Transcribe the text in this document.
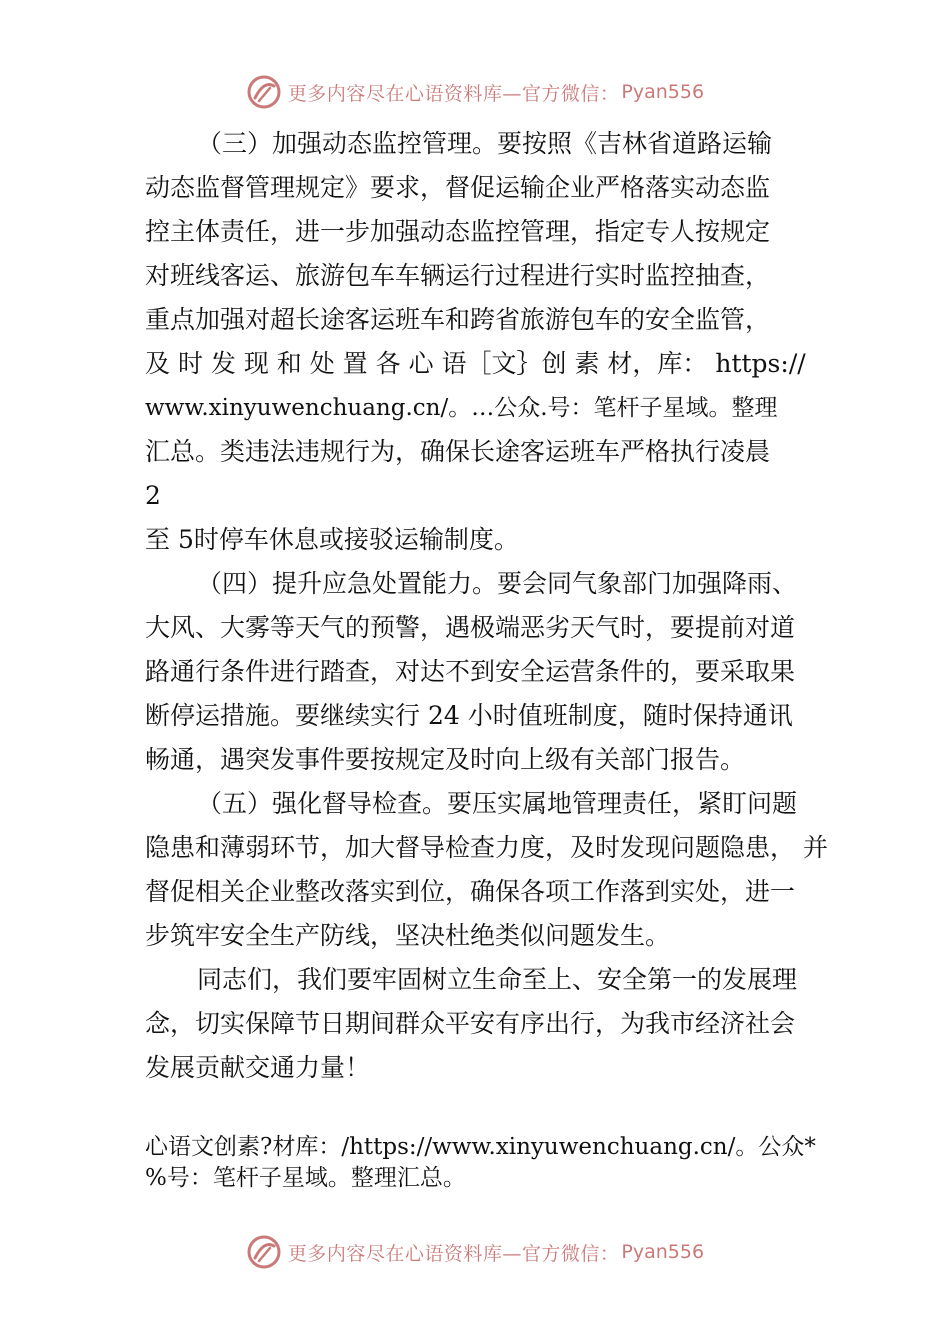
更多内容尽在心语资料库—官方微信： Pyan556

（三）加强动态监控管理。要按照《吉林省道路运输
动态监督管理规定》要求，督促运输企业严格落实动态监
控主体责任，进一步加强动态监控管理，指定专人按规定
对班线客运、旅游包车车辆运行过程进行实时监控抽查，
重点加强对超长途客运班车和跨省旅游包车的安全监管，
及 时 发 现 和 处 置 各 心 语［文｝创 素 材，库： https://
www.xinyuwenchuang.cn/。…公众.号：笔杆子星域。整理
汇总。类违法违规行为，确保长途客运班车严格执行凌晨
2
至 5时停车休息或接驳运输制度。

（四）提升应急处置能力。要会同气象部门加强降雨、
大风、大雾等天气的预警，遇极端恶劣天气时，要提前对道
路通行条件进行踏查，对达不到安全运营条件的，要采取果
断停运措施。要继续实行 24 小时值班制度，随时保持通讯
畅通，遇突发事件要按规定及时向上级有关部门报告。

（五）强化督导检查。要压实属地管理责任，紧盯问题
隐患和薄弱环节，加大督导检查力度，及时发现问题隐患， 并
督促相关企业整改落实到位，确保各项工作落到实处，进一
步筑牢安全生产防线，坚决杜绝类似问题发生。

同志们，我们要牢固树立生命至上、安全第一的发展理
念，切实保障节日期间群众平安有序出行，为我市经济社会
发展贡献交通力量！

心语文创素?材库：/https://www.xinyuwenchuang.cn/。公众*
%号：笔杆子星域。整理汇总。

更多内容尽在心语资料库—官方微信： Pyan556
